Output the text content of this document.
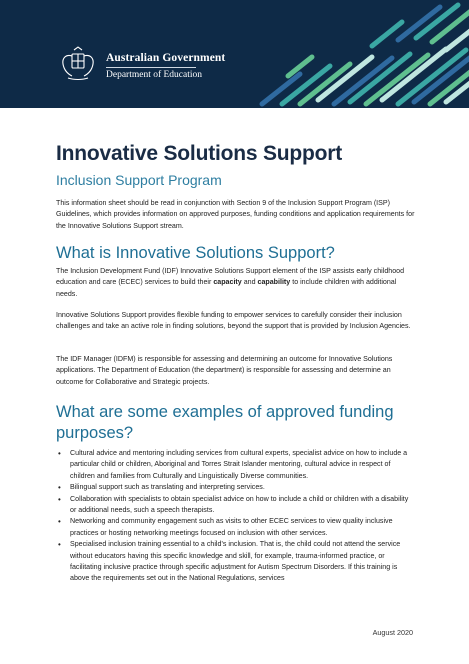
Australian Government
Department of Education
Innovative Solutions Support
Inclusion Support Program
This information sheet should be read in conjunction with Section 9 of the Inclusion Support Program (ISP) Guidelines, which provides information on approved purposes, funding conditions and application requirements for the Innovative Solutions Support stream.
What is Innovative Solutions Support?
The Inclusion Development Fund (IDF) Innovative Solutions Support element of the ISP assists early childhood education and care (ECEC) services to build their capacity and capability to include children with additional needs.
Innovative Solutions Support provides flexible funding to empower services to carefully consider their inclusion challenges and take an active role in finding solutions, beyond the support that is provided by Inclusion Agencies.
The IDF Manager (IDFM) is responsible for assessing and determining an outcome for Innovative Solutions applications. The Department of Education (the department) is responsible for assessing and determine an outcome for Collaborative and Strategic projects.
What are some examples of approved funding purposes?
• Cultural advice and mentoring including services from cultural experts, specialist advice on how to include a particular child or children, Aboriginal and Torres Strait Islander mentoring, cultural advice in respect of children and families from Culturally and Linguistically Diverse communities.
• Bilingual support such as translating and interpreting services.
• Collaboration with specialists to obtain specialist advice on how to include a child or children with a disability or additional needs, such a speech therapists.
• Networking and community engagement such as visits to other ECEC services to view quality inclusive practices or hosting networking meetings focused on inclusion with other services.
• Specialised inclusion training essential to a child’s inclusion. That is, the child could not attend the service without educators having this specific knowledge and skill, for example, trauma-informed practice, or facilitating inclusive practice through specific adjustment for Autism Spectrum Disorders. If this training is above the requirements set out in the National Regulations, services
August 2020
